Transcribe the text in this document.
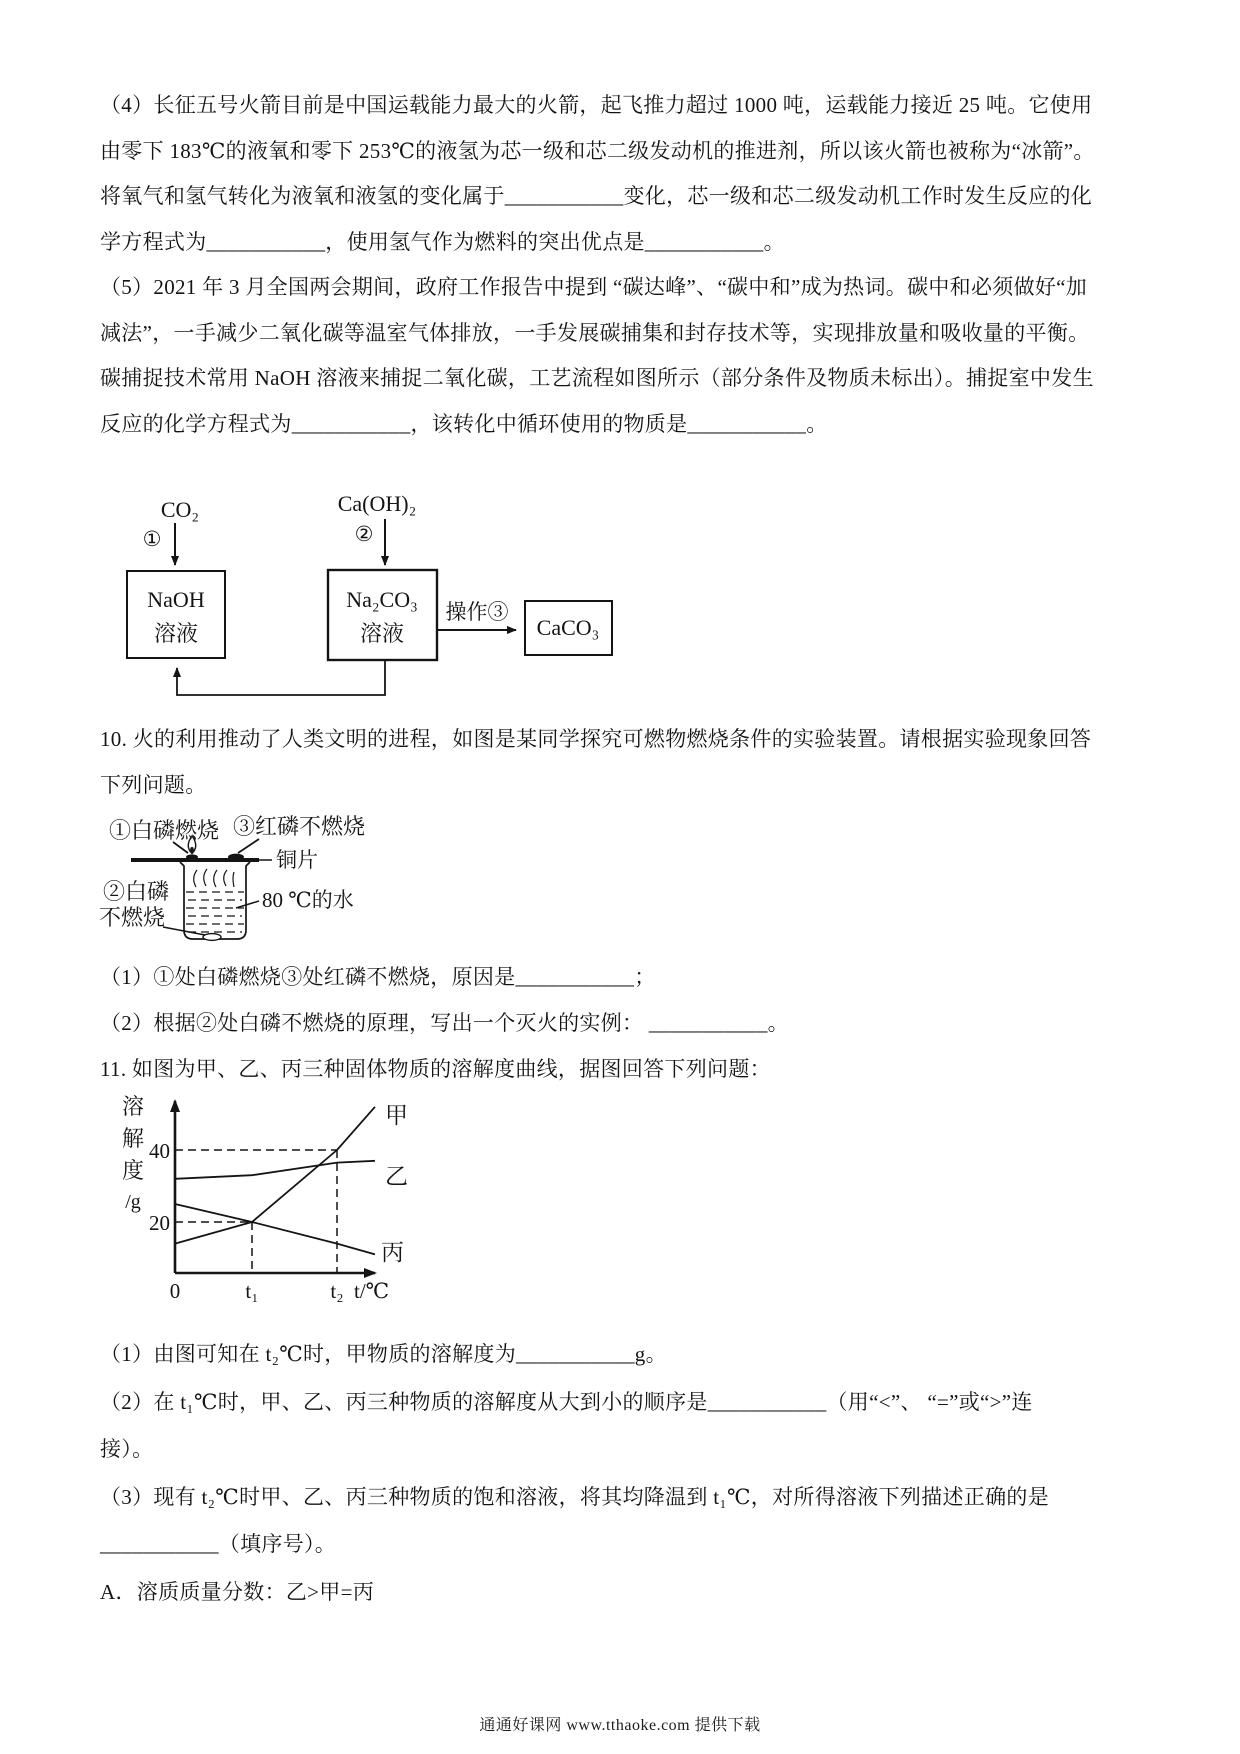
（4）长征五号火箭目前是中国运载能力最大的火箭，起飞推力超过 1000 吨，运载能力接近 25 吨。它使用
由零下 183℃的液氧和零下 253℃的液氢为芯一级和芯二级发动机的推进剂，所以该火箭也被称为“冰箭”。
将氧气和氢气转化为液氧和液氢的变化属于___________变化，芯一级和芯二级发动机工作时发生反应的化
学方程式为___________，使用氢气作为燃料的突出优点是___________。
（5）2021 年 3 月全国两会期间，政府工作报告中提到 “碳达峰”、“碳中和”成为热词。碳中和必须做好“加
减法”，一手减少二氧化碳等温室气体排放，一手发展碳捕集和封存技术等，实现排放量和吸收量的平衡。
碳捕捉技术常用 NaOH 溶液来捕捉二氧化碳，工艺流程如图所示（部分条件及物质未标出）。捕捉室中发生
反应的化学方程式为___________，该转化中循环使用的物质是___________。
CO₂
①
Ca(OH)₂
②
NaOH
溶液
Na₂CO₃
溶液
操作③
CaCO₃
10. 火的利用推动了人类文明的进程，如图是某同学探究可燃物燃烧条件的实验装置。请根据实验现象回答
下列问题。
①白磷燃烧 ③红磷不燃烧
铜片
80 ℃的水
②白磷
不燃烧
（1）①处白磷燃烧③处红磷不燃烧，原因是___________；
（2）根据②处白磷不燃烧的原理，写出一个灭火的实例： ___________。
11. 如图为甲、乙、丙三种固体物质的溶解度曲线，据图回答下列问题：
溶
解
度
/g
40
20
0	t₁	t₂ t/℃
甲
乙
丙
（1）由图可知在 t₂℃时，甲物质的溶解度为___________g。
（2）在 t₁℃时，甲、乙、丙三种物质的溶解度从大到小的顺序是___________（用“<”、 “=”或“>”连
接）。
（3）现有 t₂℃时甲、乙、丙三种物质的饱和溶液，将其均降温到 t₁℃，对所得溶液下列描述正确的是
___________（填序号）。
A．溶质质量分数：乙>甲=丙
通通好课网 www.tthaoke.com 提供下载
